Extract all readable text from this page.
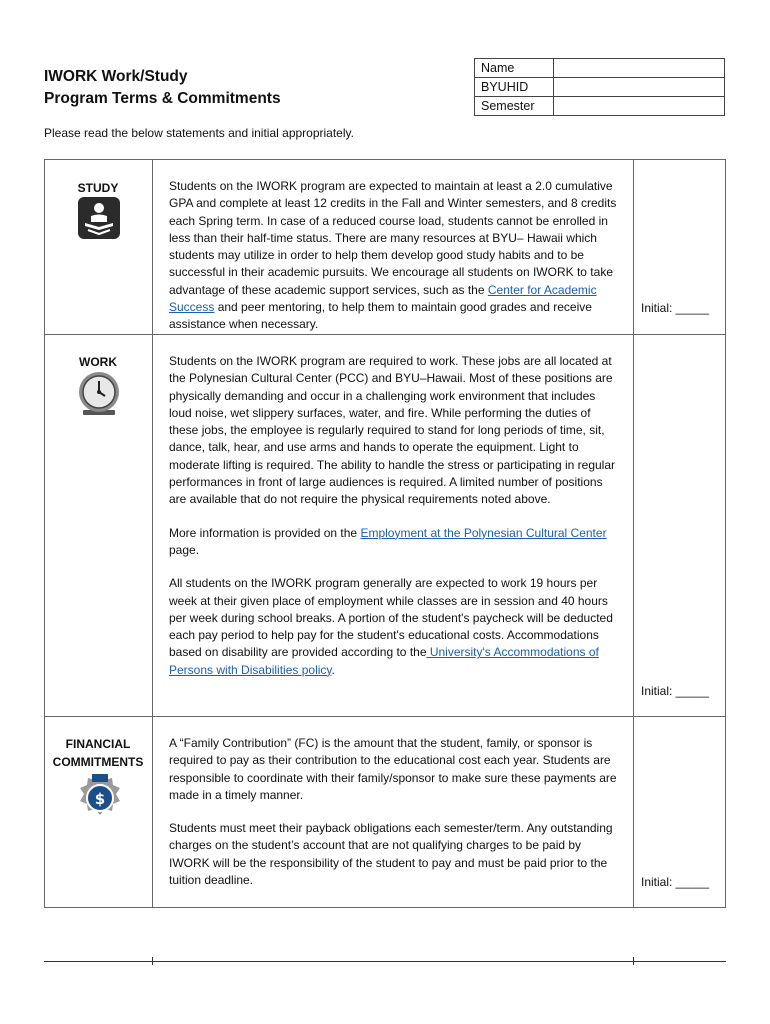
IWORK Work/Study
Program Terms & Commitments
Name	
BYUHID	
Semester	
Please read the below statements and initial appropriately.
STUDY	Students on the IWORK program are expected to maintain at least a 2.0 cumulative GPA and complete at least 12 credits in the Fall and Winter semesters, and 8 credits each Spring term. In case of a reduced course load, students cannot be enrolled in less than their half-time status. There are many resources at BYU– Hawaii which students may utilize in order to help them develop good study habits and to be successful in their academic pursuits. We encourage all students on IWORK to take advantage of these academic support services, such as the Center for Academic Success and peer mentoring, to help them to maintain good grades and receive assistance when necessary.

Initial: _____
WORK	Students on the IWORK program are required to work. These jobs are all located at the Polynesian Cultural Center (PCC) and BYU–Hawaii. Most of these positions are physically demanding and occur in a challenging work environment that includes loud noise, wet slippery surfaces, water, and fire. While performing the duties of these jobs, the employee is regularly required to stand for long periods of time, sit, dance, talk, hear, and use arms and hands to operate the equipment. Light to moderate lifting is required. The ability to handle the stress or participating in regular performances in front of large audiences is required. A limited number of positions are available that do not require the physical requirements noted above.

More information is provided on the Employment at the Polynesian Cultural Center page.

All students on the IWORK program generally are expected to work 19 hours per week at their given place of employment while classes are in session and 40 hours per week during school breaks. A portion of the student's paycheck will be deducted each pay period to help pay for the student's educational costs. Accommodations based on disability are provided according to the University's Accommodations of Persons with Disabilities policy.

Initial: _____
FINANCIAL
COMMITMENTS
$

A “Family Contribution” (FC) is the amount that the student, family, or sponsor is required to pay as their contribution to the educational cost each year. Students are responsible to coordinate with their family/sponsor to make sure these payments are made in a timely manner.

Students must meet their payback obligations each semester/term. Any outstanding charges on the student’s account that are not qualifying charges to be paid by IWORK will be the responsibility of the student to pay and must be paid prior to the tuition deadline.	Initial: _____
